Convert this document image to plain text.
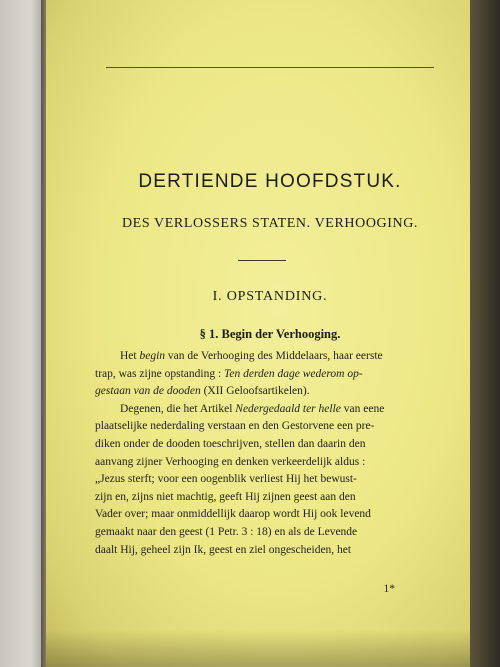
DERTIENDE HOOFDSTUK.
DES VERLOSSERS STATEN. VERHOOGING.
I. OPSTANDING.
§ 1. Begin der Verhooging.
Het begin van de Verhooging des Middelaars, haar eerste
trap, was zijne opstanding : Ten derden dage wederom op-
gestaan van de dooden (XII Geloofsartikelen).
Degenen, die het Artikel Nedergedaald ter helle van eene
plaatselijke nederdaling verstaan en den Gestorvene een pre-
diken onder de dooden toeschrijven, stellen dan daarin den
aanvang zijner Verhooging en denken verkeerdelijk aldus :
„Jezus sterft; voor een oogenblik verliest Hij het bewust-
zijn en, zijns niet machtig, geeft Hij zijnen geest aan den
Vader over; maar onmiddellijk daarop wordt Hij ook levend
gemaakt naar den geest (1 Petr. 3 : 18) en als de Levende
daalt Hij, geheel zijn Ik, geest en ziel ongescheiden, het
1*
